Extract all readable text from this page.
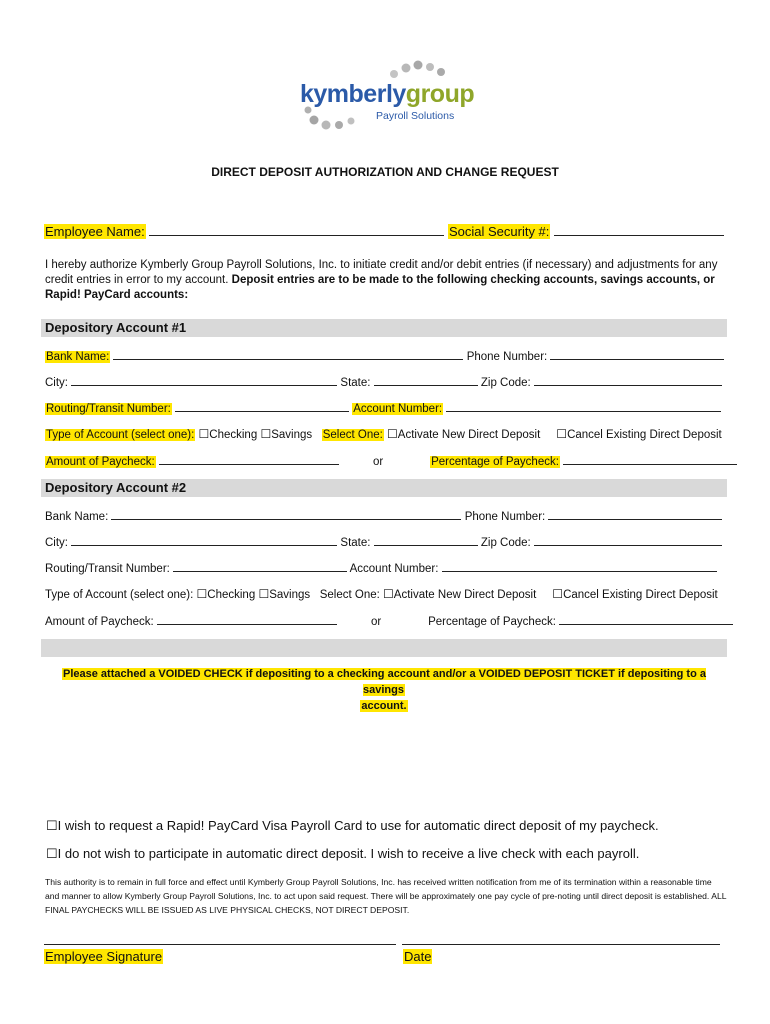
kymberlygroup
Payroll Solutions
DIRECT DEPOSIT AUTHORIZATION AND CHANGE REQUEST
Employee Name:	Social Security #:
I hereby authorize Kymberly Group Payroll Solutions, Inc. to initiate credit and/or debit entries (if necessary) and adjustments for any credit entries in error to my account. Deposit entries are to be made to the following checking accounts, savings accounts, or Rapid! PayCard accounts:
Depository Account #1
Bank Name:	Phone Number:
City:	State:	Zip Code:
Routing/Transit Number:	Account Number:
Type of Account (select one): ☐Checking ☐Savings Select One: ☐Activate New Direct Deposit ☐Cancel Existing Direct Deposit
Amount of Paycheck:	or	Percentage of Paycheck:
Depository Account #2
Bank Name:	Phone Number:
City:	State:	Zip Code:
Routing/Transit Number:	Account Number:
Type of Account (select one): ☐Checking ☐Savings Select One: ☐Activate New Direct Deposit ☐Cancel Existing Direct Deposit
Amount of Paycheck:	or	Percentage of Paycheck:
Please attached a VOIDED CHECK if depositing to a checking account and/or a VOIDED DEPOSIT TICKET if depositing to a savings
account.
☐I wish to request a Rapid! PayCard Visa Payroll Card to use for automatic direct deposit of my paycheck.
☐I do not wish to participate in automatic direct deposit. I wish to receive a live check with each payroll.
This authority is to remain in full force and effect until Kymberly Group Payroll Solutions, Inc. has received written notification from me of its termination within a reasonable time and manner to allow Kymberly Group Payroll Solutions, Inc. to act upon said request. There will be approximately one pay cycle of pre-noting until direct deposit is established. ALL FINAL PAYCHECKS WILL BE ISSUED AS LIVE PHYSICAL CHECKS, NOT DIRECT DEPOSIT.
Employee Signature	Date
